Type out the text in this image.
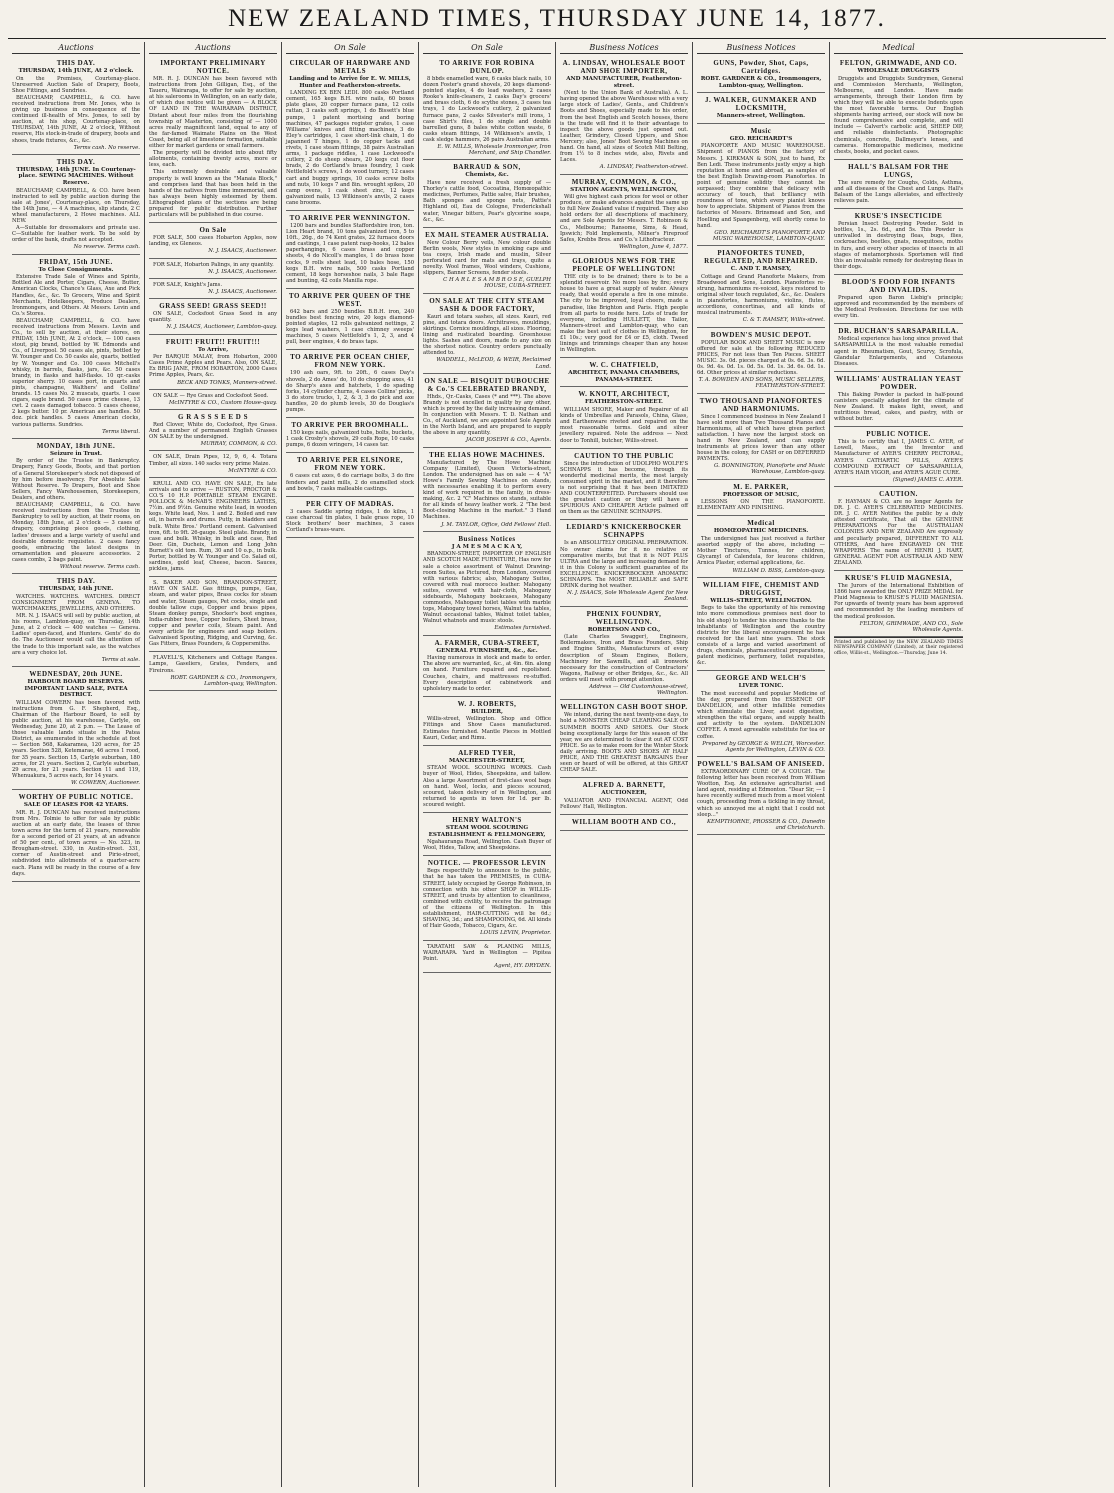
NEW ZEALAND TIMES, THURSDAY JUNE 14, 1877.
Auctions
THIS DAY.
THURSDAY, 14th JUNE, At 2 o'clock.

On the Premises, Courtenay-place. Unreserved Auction Sale of Drapery, Boots, Shoe Fittings, and Sundries.

BEAUCHAMP, CAMPBELL, & CO. have received instructions from Mr. Jones, who is giving up business in consequence of the continued ill-health of Mrs. Jones, to sell by auction, at his shop, Courtenay-place, on THURSDAY, 14th JUNE, At 2 o'clock, Without reserve, His stock-in-trade of drapery, boots and shoes, trade fixtures, &c., &c.

Terms cash. No reserve.
THIS DAY.
THURSDAY, 14th JUNE. In Courtenay-place. SEWING MACHINES. Without Reserve.

BEAUCHAMP, CAMPBELL, & CO. have been instructed to sell by public auction during the sale at Jones', Courtenay-place, on Thursday, the 14th June, — 4 A machines, slip stands, 2 C wheel manufacturers, 2 Howe machines. ALL NEW.

A—Suitable for dressmakers and private use. C—Suitable for leather work. To be sold by order of the bank, drafts not accepted.

No reserve. Terms cash.
FRIDAY, 15th JUNE.
To Close Consignments.

Extensive Trade Sale of Wines and Spirits, Bottled Ale and Porter, Cigars, Cheese, Butter, American Clocks, Chance's Glass, Axe and Pick Handles, &c., &c. To Grocers, Wine and Spirit Merchants, Hotelkeepers, Produce Dealers, Ironmongers, and Others. At Messrs. Levin and Co.'s Stores.

BEAUCHAMP, CAMPBELL, & CO. have received instructions from Messrs. Levin and Co., to sell by auction, at their stores, on FRIDAY, 15th JUNE, At 2 o'clock, — 100 cases stout, pig brand, bottled by W. Edmonds and Co., of Liverpool. 50 cases ale, pints, bottled by W. Younger and Co. 50 casks ale, quarts, bottled by W. Younger and Co. 100 cases Mitchell's whisky, in barrels, flasks, jars, &c. 50 cases brandy, in flasks and half-flasks. 10 qr.-casks superior sherry. 10 cases port, in quarts and pints, champagne, Walthers' and Collins' brands. 15 cases No. 2 muscats, quarts. 1 case cigars, eagle brand. 50 cases prime cheese, 13 cwt. 2 cases damaged tobacco. 5 cases cheese, 2 kegs butter. 10 pr. American axe handles. 50 doz. pick handles. 5 cases American clocks, various patterns. Sundries.

Terms liberal.
MONDAY, 18th JUNE.
Seizure in Trust.

By order of the Trustee in Bankruptcy. Drapery, Fancy Goods, Boots, and that portion of a General Storekeeper's stock not disposed of by him before insolvency. For Absolute Sale Without Reserve. To Drapers, Boot and Shoe Sellers, Fancy Warehousemen, Storekeepers, Dealers, and others.

BEAUCHAMP, CAMPBELL, & CO. have received instructions from the Trustee in Bankruptcy to sell by auction, at their rooms, on Monday, 18th June, at 2 o'clock — 3 cases of drapery, comprising piece goods, clothing, ladies' dresses and a large variety of useful and desirable domestic requisites. 2 cases fancy goods, embracing the latest designs in ornamentation and pleasure accessories. 2 cases combs, 2 bags paint.

Without reserve. Terms cash.
THIS DAY.
THURSDAY, 14th JUNE.

WATCHES. WATCHES. WATCHES. DIRECT CONSIGNMENT FROM GENEVA. TO WATCHMAKERS, JEWELLERS, AND OTHERS.

MR. N. J. ISAACS will sell by public auction, at his rooms, Lambton-quay, on Thursday, 14th June, at 2 o'clock — 400 watches — Geneva. Ladies' open-faced, and Hunters. Gents' do do do. The Auctioneer would call the attention of the trade to this important sale, as the watches are a very choice lot.

Terms at sale.
WEDNESDAY, 20th JUNE.
HARBOUR BOARD RESERVES. IMPORTANT LAND SALE, PATEA DISTRICT.

WILLIAM COWERN has been favored with instructions from G. F. Shepherd, Esq., Chairman of the Harbour Board, to sell by public auction, at his warehouse, Carlyle, on Wednesday, June 20, at 2 p.m. — The Lease of those valuable lands situate in the Patea District, as enumerated in the schedule at foot — Section 568, Kakaramea, 120 acres, for 25 years. Section 528, Ketemarae, 46 acres 1 rood, for 35 years. Section 15, Carlyle suburban, 180 acres, for 21 years. Section 2, Carlyle suburban, 29 acres, for 21 years. Section 11 and 119, Whenuakura, 5 acres each, for 14 years.

W. COWERN, Auctioneer.
WORTHY OF PUBLIC NOTICE.
SALE OF LEASES FOR 42 YEARS.

MR. R. J. DUNCAN has received instructions from Mrs. Tolmie to offer for sale by public auction at an early date, the leases of three town acres for the term of 21 years, renewable for a second period of 21 years, at an advance of 50 per cent., of town acres — No. 323, in Brougham-street. 330, in Austin-street. 331, corner of Austin-street and Pirie-street, subdivided into allotments of a quarter-acre each. Plans will be ready in the course of a few days.

Auctions
IMPORTANT PRELIMINARY NOTICE.

MR. R. J. DUNCAN has been favored with instructions from John Gilligan, Esq., of the Taueru, Wairarapa, to offer for sale by auction, at his salerooms in Wellington, on an early date, of which due notice will be given — A BLOCK OF LAND IN THE WAIRARAPA DISTRICT, Distant about four miles from the flourishing township of Masterton, consisting of — 1000 acres really magnificent land, equal to any of the far-famed Waimate Plains on the West Coast, being all of limestone formation, suitable either for market gardens or small farmers.

The property will be divided into about fifty allotments, containing twenty acres, more or less, each.

This extremely desirable and valuable property is well known as the "Manaia Block," and comprises land that has been held in the hands of the natives from time immemorial, and has always been highly esteemed by them. Lithographed plans of the sections are being prepared for public distribution. Further particulars will be published in due course.

On Sale

FOR SALE, 500 cases Hobarton Apples, now landing, ex Gleneos.

N. J. ISAACS, Auctioneer.

FOR SALE, Hobarton Palings, in any quantity.

N. J. ISAACS, Auctioneer.

FOR SALE, Knight's Jams.

N. J. ISAACS, Auctioneer.
GRASS SEED! GRASS SEED!!

ON SALE, Cocksfoot Grass Seed in any quantity.

N. J. ISAACS, Auctioneer, Lambton-quay.
FRUIT! FRUIT!! FRUIT!!!
To Arrive,

Per BARQUE MALAY, from Hobarton, 2000 Cases Prime Apples and Pears. Also, ON SALE, Ex BRIG JANE, FROM HOBARTON, 2000 Cases Prime Apples, Pears, &c.

BECK AND TONKS, Manners-street.

ON SALE — Rye Grass and Cocksfoot Seed.

McINTYRE & CO., Custom House-quay.
G R A S S S E E D S

Red Clover, White do, Cocksfoot, Rye Grass. And a number of permanent English Grasses ON SALE by the undersigned.

MURRAY, COMMON, & CO.

ON SALE, Drain Pipes, 12, 9, 6, 4. Totara Timber, all sizes. 140 sacks very prime Maize.

McINTYRE & CO.

KRULL AND CO. HAVE ON SALE, Ex late arrivals and to arrive — RUSTON, PROCTOR & CO.'S 10 H.P. PORTABLE STEAM ENGINE. POLLOCK & McNAB'S ENGINEERS LATHES, 7½in. and 9½in. Genuine white lead, in wooden kegs. White lead, Nos. 1 and 2. Boiled and raw oil, in barrels and drums. Putty, in bladders and bulk. White Bros.' Portland cement. Galvanised iron, 6ft. to 9ft. 26-gauge. Steel plate. Brandy, in case and bulk. Whisky, in bulk and case, Red Deer. Gin, Ducheix, Lemon and Long John Burnett's old tom. Rum, 30 and 10 o.p., in bulk. Porter, bottled by W. Younger and Co. Salad oil, sardines, gold leaf, Cheese, bacon. Sauces, pickles, jams.

S. BAKER AND SON, BRANDON-STREET, HAVE ON SALE. Gas fittings, pumps, Gas, steam, and water pipes, Brass cocks for steam and water, Steam gauges, Pet cocks, single and double tallow cups, Copper and brass pipes, Steam donkey pumps, Shocker's boot engines, India-rubber hose, Copper boilers, Sheet brass, copper and pewter coils, Steam paint. And every article for engineers and soap boilers. Galvanised Spouting, Ridging, and Curving, &c. Gas Fitters, Brass Founders, & Coppersmiths.

FLAVELL'S, Kitcheners and Cottage Ranges. Lamps, Gaseliers, Grates, Fenders, and Fireirons.

ROBT. GARDNER & CO., Ironmongers, Lambton-quay, Wellington.
On Sale
CIRCULAR OF HARDWARE AND METALS
Landing and to Arrive for E. W. MILLS, Hunter and Featherston-streets.

LANDING EX BEN LEDI. 800 casks Portland cement, 165 kegs B.H. wire nails, 60 boxes plate glass, 20 copper furnace pans, 12 coils rattan, 3 casks soft springs, 1 do Bissett's blue pumps, 1 patent mortising and boring machines, 47 packages register grates, 1 case Williams' knives and fitting machines, 3 do Eley's cartridges, 1 case short-link chain, 1 do japanned T hinges, 1 do copper tacks and rivets, 1 case steam fittings, 38 pairs Australian arms, 1 package riddles, 1 case Lockwood's cutlery, 2 do sheep shears, 20 kegs cut floor brads, 2 do Cortland's brass foundry, 1 cask Nettlefold's screws, 1 do wood turnery, 12 cases cart and buggy springs, 10 casks screw bolts and nuts, 10 kegs 7 and 8in. wrought spikes, 20 camp ovens, 1 cask sheet zinc, 12 kegs galvanized nails, 13 Wilkinson's anvils, 2 cases cane brooms.

TO ARRIVE PER WENNINGTON.

1200 bars and bundles Staffordshire iron, ton. Lion Heart brand, 10 tons galvanized iron, 5 to 10ft., 26g., do 74 Kent grates, 22 furnace doors and castings, 1 case patent rasp-hooks, 12 bales paperhangings, 6 cases brass and copper sheets, 4 do Nicoll's mangles, 1 do brass hose cocks, 9 rolls sheet lead, 10 bales hose, 150 kegs B.H. wire nails, 500 casks Portland cement, 18 kegs horseshoe nails, 3 bale Rage and bunting, 42 coils Manilla rope.

TO ARRIVE PER QUEEN OF THE WEST.

642 bars and 250 bundles B.B.H. iron, 240 bundles best fencing wire, 20 kegs diamond-pointed staples, 12 rolls galvanized nettings, 2 kegs lead washers, 1 case chimney sweeps' machines, 5 cases Nettlefold's 1, 2, 3, and 4 pull, beer engines, 4 do brass taps.

TO ARRIVE PER OCEAN CHIEF, FROM NEW YORK.

190 ash oars, 9ft. to 20ft., 6 cases Day's shovels, 2 do Ames' do, 10 do chopping axes, 41 do Sharp's axes and hatchets, 1 do spading forks, 14 cylinder churns, 4 cases Collins' picks, 3 do store trucks, 1, 2, & 3, 3 do pick and axe handles, 20 do plumb levels, 30 do Douglas's pumps.

TO ARRIVE PER BROOMHALL.

150 kegs nails, galvanized tubs, bolts, buckets, 1 cask Crosby's shovels, 29 coils Rope, 10 casks pumps, 6 dozen wringers, 14 cases tar.

TO ARRIVE PER ELSINORE, FROM NEW YORK.

6 cases cut axes, 6 do carriage bolts, 3 do fire fenders and paint mills, 2 do enamelled stock and bowls, 7 casks malleable castings.

PER CITY OF MADRAS.

3 cases Saddle spring ridges, 1 do kilns, 1 case charcoal tin plates, 1 bale grass rope, 10 Stock brothers' beer machines, 3 cases Cortland's brass-ware.

On Sale
TO ARRIVE FOR ROBINA DUNLOP.

8 bbds enamelled ware, 6 casks black nails, 10 dozen Foster's grand shovels, 20 kegs diamond-pointed staples, 4 do lead washers, 2 cases Rooke's knife-cleaners, 2 casks Day's grocers' and brass cloth, 6 do scythe stones, 3 cases tea trays, 1 do Lockwood's cutlery, 2 galvanized furnace pans, 2 casks Silvester's mill irons, 1 case Shirt's files, 1 do single and double barrelled guns, 8 bales white cotton waste, 6 casks steam fittings, 14 Wilkinson's anvils, 1 cask sledge hammers, 26 pairs Australian arms.

E. W. MILLS, Wholesale Ironmonger, Iron Merchant, and Ship Chandler.
BARRAUD & SON,
Chemists, &c.

Have now received a fresh supply of — Thorley's cattle food, Cocoatina, Homœopathic medicines, Perfumes, Pattie salve, Hair brushes, Bath sponges and sponge nets, Pattie's Highland oil, Eau de Cologne, Frederickshall water, Vinegar bitters, Pear's glycerine soaps, &c., &c.

EX MAIL STEAMER AUSTRALIA.

New Colour Berry veils, New colour double Berlin wools, New styles in smoking caps and tea cosys, Irish made and muslin, Silver perforated card for mats and trays, quite a novelty. Wool frames, Wool winders, Cushions, slippers, Banner Screens, fender stools.

C H A R L E S A M B R O S E, GUELPH HOUSE, CUBA-STREET.
ON SALE AT THE CITY STEAM SASH & DOOR FACTORY,

Kauri and totara sashes, all sizes. Kauri, red pine, and totara doors. Architraves, mouldings, skirtings. Cornice mouldings, all sizes. Flooring, lining and rusticated boarding. Greenhouse lights. Sashes and doors, made to any size on the shortest notice. Country orders punctually attended to.

WADDELL, McLEOD, & WEIR, Reclaimed Land.
ON SALE — BISQUIT DUBOUCHE & Co.'S CELEBRATED BRANDY,

Hhds., Qr.-Casks, Cases (* and ***). The above Brandy is not excelled in quality by any other, which is proved by the daily increasing demand. In conjunction with Messrs. T. D. Nathan and Co., of Auckland, we are appointed Sole Agents in the North Island, and are prepared to supply the above in any quantity.

JACOB JOSEPH & CO., Agents.
THE ELIAS HOWE MACHINES.

Manufactured by The Howe Machine Company (Limited), Queen Victoria-street, London. The undersigned has on sale — 4 "A" Howe's Family Sewing Machines on stands, with necessaries enabling it to perform every kind of work required in the family, in dress-making, &c. 2 "C" Machines on stands, suitable for all kinds of heavy leather work. 2 "The best Boot-closing Machine in the market." 3 Hand Machines.

J. M. TAYLOR, Office, Odd Fellows' Hall.
Business Notices
J A M E S M A C K A Y,

BRANDON-STREET, IMPORTER OF ENGLISH AND SCOTCH MADE FURNITURE, Has now for sale a choice assortment of Walnut Drawing-room Suites, as Pictured, from London, covered with various fabrics; also, Mahogany Suites, covered with real morocco leather. Mahogany suites, covered with hair-cloth, Mahogany sideboards, Mahogany bookcases, Mahogany commodes, Mahogany toilet tables with marble tops, Mahogany towel horses, Walnut tea tables, Walnut occasional tables, Walnut toilet tables, Walnut whatnots and music stools.

Estimates furnished.
A. FARMER, CUBA-STREET,
GENERAL FURNISHER, &c., &c.

Having numerous in stock and made to order. The above are warranted, &c., at 4in. 6in. along on hand. Furniture repaired and repolished. Couches, chairs, and mattresses re-stuffed. Every description of cabinetwork and upholstery made to order.

W. J. ROBERTS,
BUILDER,

Willis-street, Wellington. Shop and Office Fittings and Show Cases manufactured. Estimates furnished. Mantle Pieces in Mottled Kauri, Cedar, and Rimu.

ALFRED TYER,
MANCHESTER-STREET,

STEAM WOOL SCOURING WORKS. Cash buyer of Wool, Hides, Sheepskins, and tallow. Also a large Assortment of first-class wool bags on hand. Wool, locks, and pieces scoured, scoured, taken delivery of in Wellington, and returned to agents in town for 1d. per lb. scoured weight.

HENRY WALTON'S
STEAM WOOL SCOURING ESTABLISHMENT & FELLMONGERY,

Ngahauranga Road, Wellington. Cash Buyer of Wool, Hides, Tallow, and Sheepskins.

NOTICE. — PROFESSOR LEVIN

Begs respectfully to announce to the public, that he has taken the PREMISES, in CUBA-STREET, lately occupied by George Robinson, in connection with his other SHOP in WILLIS-STREET, and trusts by attention to cleanliness, combined with civility, to receive the patronage of the citizens of Wellington. In this establishment, HAIR-CUTTING will be 6d.; SHAVING, 3d.; and SHAMPOOING, 6d. All kinds of Hair Goods, Tobacco, Cigars, &c.

LOUIS LEVIN, Proprietor.

TARATAHI SAW & PLANING MILLS, WAIRARAPA. Yard in Wellington — Pipitea Point.

Agent, HY. DRYDEN.
Business Notices
A. LINDSAY, WHOLESALE BOOT AND SHOE IMPORTER,
AND MANUFACTURER, Featherston-street.

(Next to the Union Bank of Australia). A. L. having opened the above Warehouse with a very large stock of Ladies', Gents., and Children's Boots and Shoes, especially made to his order, from the best English and Scotch houses, there is the trade will find it to their advantage to inspect the above goods just opened out. Leather, Grindery, Closed Uppers, and Shoe Mercery; also, Jones' Boot Sewing Machines on hand. On hand, all sizes of Scotch Mill Belting, from 1½ to 8 inches wide, also, Rivets and Laces.

A. LINDSAY, Featherston-street.
MURRAY, COMMON, & CO.,
STATION AGENTS, WELLINGTON,

Will give highest cash prices for wool or other produce, or make advances against the same up to full New Zealand value if required. They also hold orders for all descriptions of machinery, and are Sole Agents for Messrs. T. Robinson & Co., Melbourne; Ransome, Sims, & Head, Ipswich; Fold Implements, Milner's Fireproof Safes, Krebbs Bros. and Co.'s Lithofracteur.

Wellington, June 4, 1877.
GLORIOUS NEWS FOR THE PEOPLE OF WELLINGTON!

THE city is to be drained; there is to be a splendid reservoir. No more loss by fire; every house to have a great supply of water. Always ready, that would operate a fire in one minute. The city to be improved, loyal cheers, made a paradise, like Brighton and Paris. High people from all parts to reside here. Lots of trade for everyone, including HULLETT, the Tailor, Manners-street and Lambton-quay, who can make the best suit of clothes in Wellington, for £1 10s.; very good for £4 or £5, cloth. Tweed linings and trimmings cheaper than any house in Wellington.

W. C. CHATFIELD,
ARCHITECT, PANAMA CHAMBERS, PANAMA-STREET.
W. KNOTT, ARCHITECT,
FEATHERSTON-STREET.

WILLIAM SHORE, Maker and Repairer of all kinds of Umbrellas and Parasols, China, Glass, and Earthenware riveted and repaired on the most reasonable terms. Gold and silver jewellery repaired. Note the address — Next door to Tonhill, butcher, Willis-street.

CAUTION TO THE PUBLIC

Since the introduction of UDOLPHO WOLFE'S SCHNAPPS it has become, through its wonderful medicinal merits, the most largely consumed spirit in the market, and it therefore is not surprising that it has been IMITATED AND COUNTERFEITED. Purchasers should use the greatest caution or they will have a SPURIOUS AND CHEAPER Article palmed off on them as the GENUINE SCHNAPPS.

LEDIARD'S KNICKERBOCKER SCHNAPPS

Is an ABSOLUTELY ORIGINAL PREPARATION. No owner claims for it no relative or comparative merits, but that it is NOT PLUS ULTRA and the large and increasing demand for it in this Colony is sufficient guarantee of its EXCELLENCE. KNICKERBOCKER AROMATIC SCHNAPPS. The MOST RELIABLE and SAFE DRINK during hot weather.

N. J. ISAACS, Sole Wholesale Agent for New Zealand.
PHŒNIX FOUNDRY, WELLINGTON.
ROBERTSON AND CO.,

(Late Charles Swagger), Engineers, Boilermakers, Iron and Brass Founders, Ship and Engine Smiths, Manufacturers of every description of Steam Engines, Boilers, Machinery for Sawmills, and all ironwork necessary for the construction of Contractors' Wagons, Railway or other Bridges, &c., &c. All orders will meet with prompt attention.

Address — Old Customhouse-street, Wellington.
WELLINGTON CASH BOOT SHOP.

We intend, during the next twenty-one days, to hold a MONSTER CHEAP CLEARING SALE OF SUMMER BOOTS AND SHOES. Our Stock being exceptionally large for this season of the year, we are determined to clear it out AT COST PRICE. So as to make room for the Winter Stock daily arriving. BOOTS AND SHOES AT HALF PRICE, AND THE GREATEST BARGAINS Ever seen or heard of will be offered, at this GREAT CHEAP SALE.

ALFRED A. BARNETT,
AUCTIONEER,

VALUATOR AND FINANCIAL AGENT, Odd Fellows' Hall, Wellington.

WILLIAM BOOTH AND CO.,
Business Notices
GUNS, Powder, Shot, Caps, Cartridges.
ROBT. GARDNER & CO., Ironmongers, Lambton-quay, Wellington.
J. WALKER, GUNMAKER AND LOCKSMITH,
Manners-street, Wellington.
Music
GEO. REICHARDT'S

PIANOFORTE AND MUSIC WAREHOUSE. Shipment of PIANOS from the factory of Messrs. J. KIRKMAN & SON, just to hand, Ex Ben Ledi. These instruments justly enjoy a high reputation at home and abroad, as samples of the best English Drawing-room Pianofortes. In point of genuine solidity they cannot be surpassed; they combine that delicacy with accuracy of touch, that brilliancy with roundness of tone, which every pianist knows how to appreciate. Shipment of Pianos from the factories of Messrs. Brinsmead and Son, and Hoelling and Spangenberg, will shortly come to hand.

GEO. REICHARDT'S PIANOFORTE AND MUSIC WAREHOUSE, LAMBTON-QUAY.
PIANOFORTES TUNED, REGULATED, AND REPAIRED.
C. AND T. RAMSEY,

Cottage and Grand Pianoforte Makers, from Broadwood and Sons, London. Pianofortes re-strung, harmoniums re-voiced, keys restored to original silver touch regulated, &c., &c. Dealers in pianofortes, harmoniums, violins, flutes, accordions, concertinas, and all kinds of musical instruments.

C. & T. RAMSEY, Willis-street.
BOWDEN'S MUSIC DEPOT.

POPULAR BOOK AND SHEET MUSIC is now offered for sale at the following REDUCED PRICES, For not less than Ten Pieces. SHEET MUSIC. 3s. 0d. pieces charged at 0s. 6d. 3s. 6d. 0s. 9d. 4s. 0d. 1s. 0d. 5s. 0d. 1s. 3d. 6s. 0d. 1s. 6d. Other prices at similar reductions.

T. A. BOWDEN AND SONS, MUSIC SELLERS, FEATHERSTON-STREET.
TWO THOUSAND PIANOFORTES AND HARMONIUMS.

Since I commenced business in New Zealand I have sold more than Two Thousand Pianos and Harmoniums, all of which have given perfect satisfaction. I have now the largest stock on hand in New Zealand, and can supply instruments at prices lower than any other house in the colony, for CASH or on DEFERRED PAYMENTS.

G. BONNINGTON, Pianoforte and Music Warehouse, Lambton-quay.
M. E. PARKER,
PROFESSOR OF MUSIC,

LESSONS ON THE PIANOFORTE. ELEMENTARY AND FINISHING.

Medical
HOMŒOPATHIC MEDICINES.

The undersigned has just received a further assorted supply of the above, including — Mother Tinctures, Tunnes, for children, Glycamyl of Calendula, for leucons children, Arnica Plaster, external applications, &c.

WILLIAM D. BISS, Lambton-quay.
WILLIAM FIFE, CHEMIST AND DRUGGIST,
WILLIS-STREET, WELLINGTON.

Begs to take the opportunity of his removing into more commodious premises next door to his old shop) to tender his sincere thanks to the inhabitants of Wellington and the country districts for the liberal encouragement he has received for the last nine years. The stock consists of a large and varied assortment of drugs, chemicals, pharmaceutical preparations, patent medicines, perfumery, toilet requisites, &c.

GEORGE AND WELCH'S
LIVER TONIC.

The most successful and popular Medicine of the day, prepared from the ESSENCE OF DANDELION, and other infallible remedies which stimulate the Liver, assist digestion, strengthen the vital organs, and supply health and activity to the system. DANDELION COFFEE. A most agreeable substitute for tea or coffee.

Prepared by GEORGE & WELCH, Worcester. Agents for Wellington, LEVIN & CO.
POWELL'S BALSAM OF ANISEED.

EXTRAORDINARY CURE OF A COUGH. The following letter has been received from William Wootton, Esq. An extensive agriculturist and land agent, residing at Edmonton. "Dear Sir, — I have recently suffered much from a most violent cough, proceeding from a tickling in my throat, which so annoyed me at night that I could not sleep..."

KEMPTHORNE, PROSSER & CO., Dunedin and Christchurch.
Medical
FELTON, GRIMWADE, AND CO.
WHOLESALE DRUGGISTS

Druggists and Druggists Sundrymen, General and Commission Merchants, Wellington, Melbourne, and London. Have made arrangements, through their London firm by which they will be able to execute Indents upon the most favorable terms. Our English shipments having arrived, our stock will now be found comprehensive and complete, and will include — Calvert's carbolic acid, SHEEP DIP, and reliable disinfectants. Photographic chemicals, concrete, Dallmeyer's lenses, and cameras. Homœopathic medicines, medicine chests, books, and pocket cases.

HALL'S BALSAM FOR THE LUNGS,

The sure remedy for Coughs, Colds, Asthma, and all diseases of the Chest and Lungs. Hall's Balsam of the Lungs alleviates, and effectively relieves pain.

KRUSE'S INSECTICIDE

Persian Insect Destroying Powder. Sold in bottles, 1s., 2s. 6d., and 5s. This Powder is unrivalled in destroying fleas, bugs, flies, cockroaches, beetles, gnats, mosquitoes, moths in furs, and every other species of insects in all stages of metamorphosis. Sportsmen will find this an invaluable remedy for destroying fleas in their dogs.

BLOOD'S FOOD FOR INFANTS AND INVALIDS.

Prepared upon Baron Liebig's principle; approved and recommended by the members of the Medical Profession. Directions for use with every tin.

DR. BUCHAN'S SARSAPARILLA.

Medical experience has long since proved that SARSAPARILLA is the most valuable remedial agent in Rheumatism, Gout, Scurvy, Scrofula, Glandular Enlargements, and Cutaneous Diseases.

WILLIAMS' AUSTRALIAN YEAST POWDER.

This Baking Powder is packed in half-pound canisters specially adapted for the climate of New Zealand. It makes light, sweet, and nutritious bread, cakes, and pastry, with or without butter.

PUBLIC NOTICE.

This is to certify that I, JAMES C. AYER, of Lowell, Mass., am the Inventor and Manufacturer of AYER'S CHERRY PECTORAL, AYER'S CATHARTIC PILLS, AYER'S COMPOUND EXTRACT OF SARSAPARILLA, AYER'S HAIR VIGOR, and AYER'S AGUE CURE.

(Signed) JAMES C. AYER.
CAUTION.

F. HAYMAN & CO. are no longer Agents for DR. J. C. AYER'S CELEBRATED MEDICINES. DR. J. C. AYER Notifies the public by a duly attested certificate, That all the GENUINE PREPARATIONS For the AUSTRALIAN COLONIES AND NEW ZEALAND Are expressly and peculiarly prepared, DIFFERENT TO ALL OTHERS, And have ENGRAVED ON THE WRAPPERS The name of HENRI J. HART, GENERAL AGENT FOR AUSTRALIA AND NEW ZEALAND.

KRUSE'S FLUID MAGNESIA,

The Jurors of the International Exhibition of 1866 have awarded the ONLY PRIZE MEDAL for Fluid Magnesia to KRUSE'S FLUID MAGNESIA. For upwards of twenty years has been approved and recommended by the leading members of the medical profession.

FELTON, GRIMWADE, AND CO., Sole Wholesale Agents.
Printed and published by the NEW ZEALAND TIMES NEWSPAPER COMPANY (Limited), at their registered office, Willis-st., Wellington.—Thursday, June 14.
